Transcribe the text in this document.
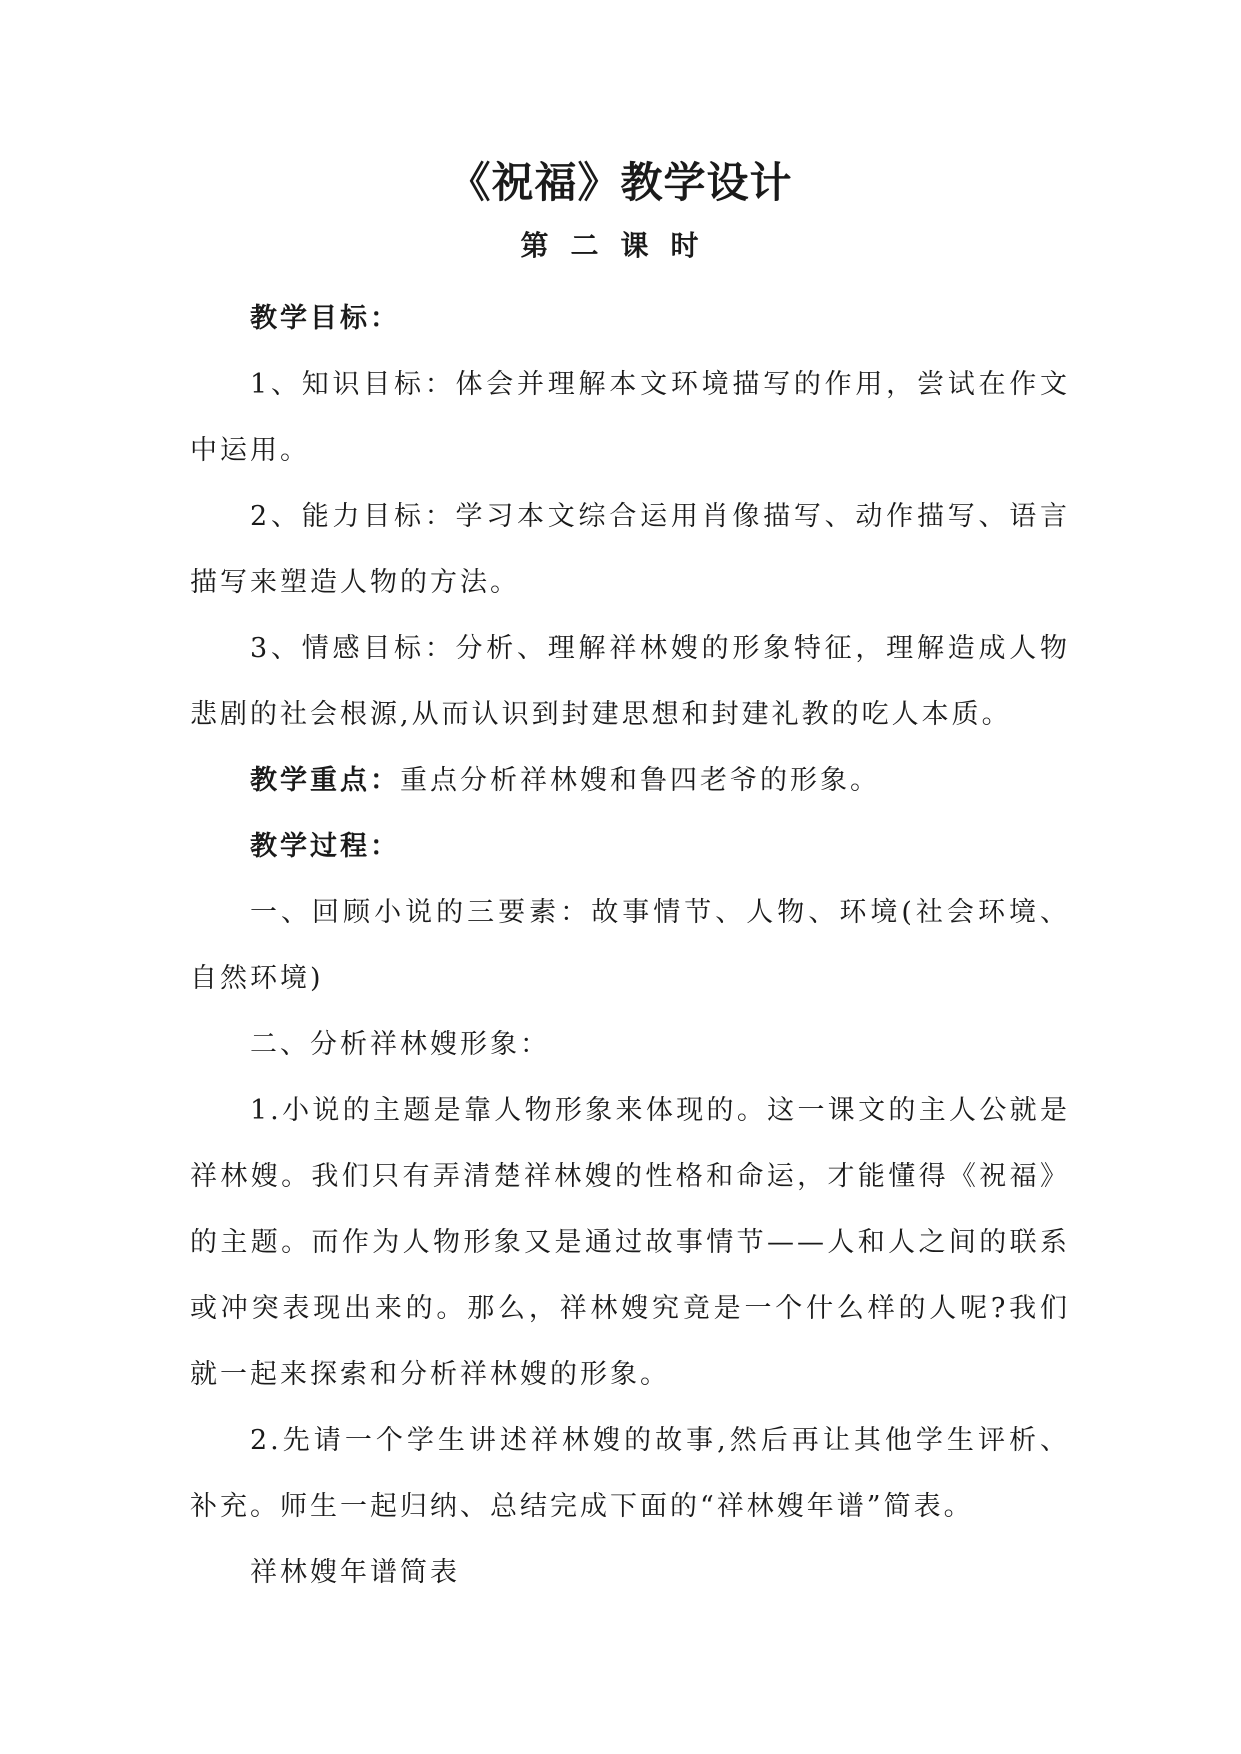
《祝福》教学设计
第二课时

教学目标：

1、知识目标：体会并理解本文环境描写的作用，尝试在作文中运用。

2、能力目标：学习本文综合运用肖像描写、动作描写、语言描写来塑造人物的方法。

3、情感目标：分析、理解祥林嫂的形象特征，理解造成人物悲剧的社会根源,从而认识到封建思想和封建礼教的吃人本质。

教学重点：重点分析祥林嫂和鲁四老爷的形象。

教学过程：

一、回顾小说的三要素：故事情节、人物、环境(社会环境、自然环境)

二、分析祥林嫂形象：

1.小说的主题是靠人物形象来体现的。这一课文的主人公就是祥林嫂。我们只有弄清楚祥林嫂的性格和命运，才能懂得《祝福》的主题。而作为人物形象又是通过故事情节——人和人之间的联系或冲突表现出来的。那么，祥林嫂究竟是一个什么样的人呢?我们就一起来探索和分析祥林嫂的形象。

2.先请一个学生讲述祥林嫂的故事,然后再让其他学生评析、补充。师生一起归纳、总结完成下面的“祥林嫂年谱”简表。

祥林嫂年谱简表
